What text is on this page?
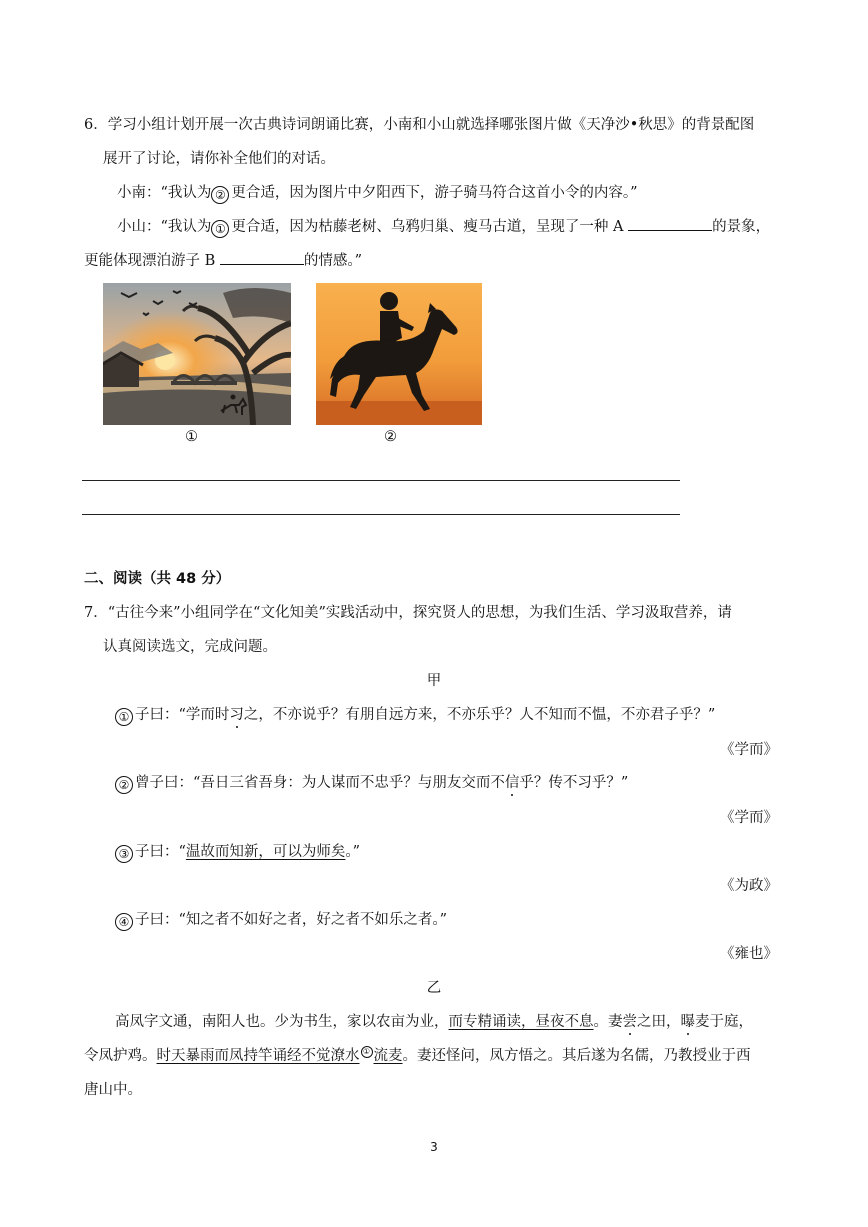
6．学习小组计划开展一次古典诗词朗诵比赛，小南和小山就选择哪张图片做《天净沙•秋思》的背景配图
展开了讨论，请你补全他们的对话。
小南：“我认为 ② 更合适，因为图片中夕阳西下，游子骑马符合这首小令的内容。”
小山：“我认为 ① 更合适，因为枯藤老树、乌鸦归巢、瘦马古道，呈现了一种 A	的景象，
更能体现漂泊游子 B	的情感。”
①	②
二、阅读（共 48 分）
7．“古往今来”小组同学在“文化知美”实践活动中，探究贤人的思想，为我们生活、学习汲取营养，请
认真阅读选文，完成问题。
甲
① 子曰：“学而时习之，不亦说乎？有朋自远方来，不亦乐乎？人不知而不愠，不亦君子乎？”
《学而》
② 曾子曰：“吾日三省吾身：为人谋而不忠乎？与朋友交而不信乎？传不习乎？”
《学而》
③ 子曰：“温故而知新，可以为师矣。”
《为政》
④ 子曰：“知之者不如好之者，好之者不如乐之者。”
《雍也》
乙
高凤字文通，南阳人也。少为书生，家以农亩为业，而专精诵读，昼夜不息。妻尝之田，曝麦于庭，
令凤护鸡。时天暴雨而凤持竿诵经不觉潦水 ① 流麦。妻还怪问，凤方悟之。其后遂为名儒，乃教授业于西
唐山中。
3
